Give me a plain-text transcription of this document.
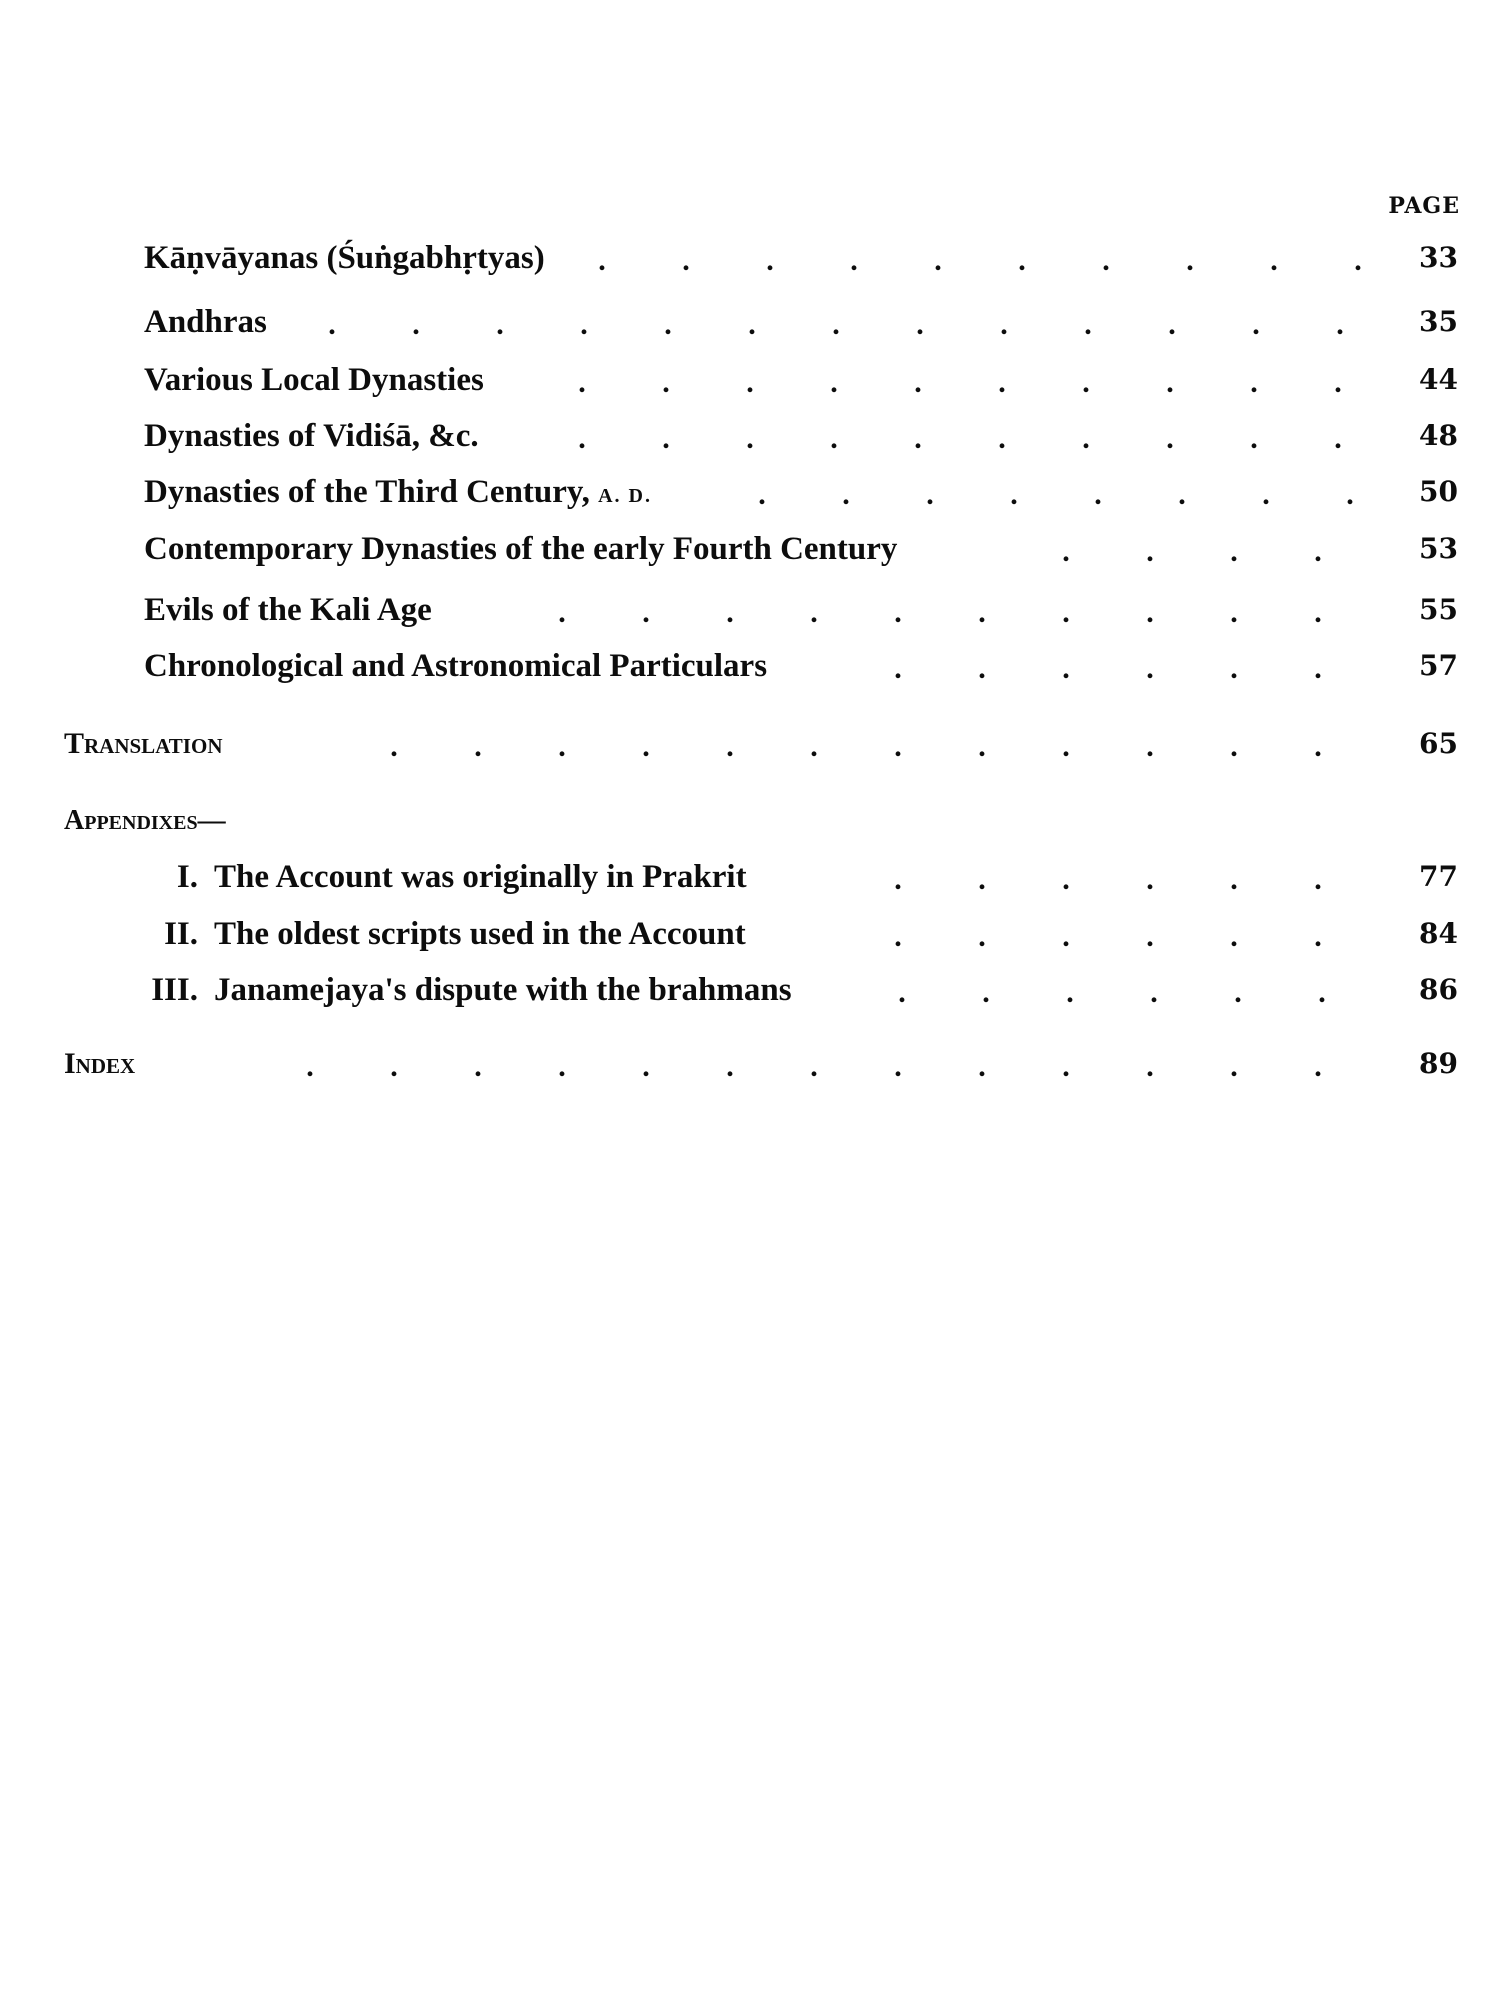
PAGE
Kāṇvāyanas (Śuṅgabhṛtyas)	.	.	.	.	.	.	.	.	.	.	33
Andhras	.	.	.	.	.	.	.	.	.	.	.	.	.	35
Various Local Dynasties	.	.	.	.	.	.	.	.	.	.	44
Dynasties of Vidiśā, &c.	.	.	.	.	.	.	.	.	.	.	48
Dynasties of the Third Century, A. D.	.	.	.	.	.	.	.	.	50
Contemporary Dynasties of the early Fourth Century	.	.	.	.	53
Evils of the Kali Age	.	.	.	.	.	.	.	.	.	.	55
Chronological and Astronomical Particulars	.	.	.	.	.	.	57
Translation	.	.	.	.	.	.	.	.	.	.	.	.	65
Appendixes—
I. The Account was originally in Prakrit	.	.	.	.	.	.	77
II. The oldest scripts used in the Account	.	.	.	.	.	.	84
III. Janamejaya's dispute with the brahmans	.	.	.	.	.	.	86
Index	.	.	.	.	.	.	.	.	.	.	.	.	.	89
